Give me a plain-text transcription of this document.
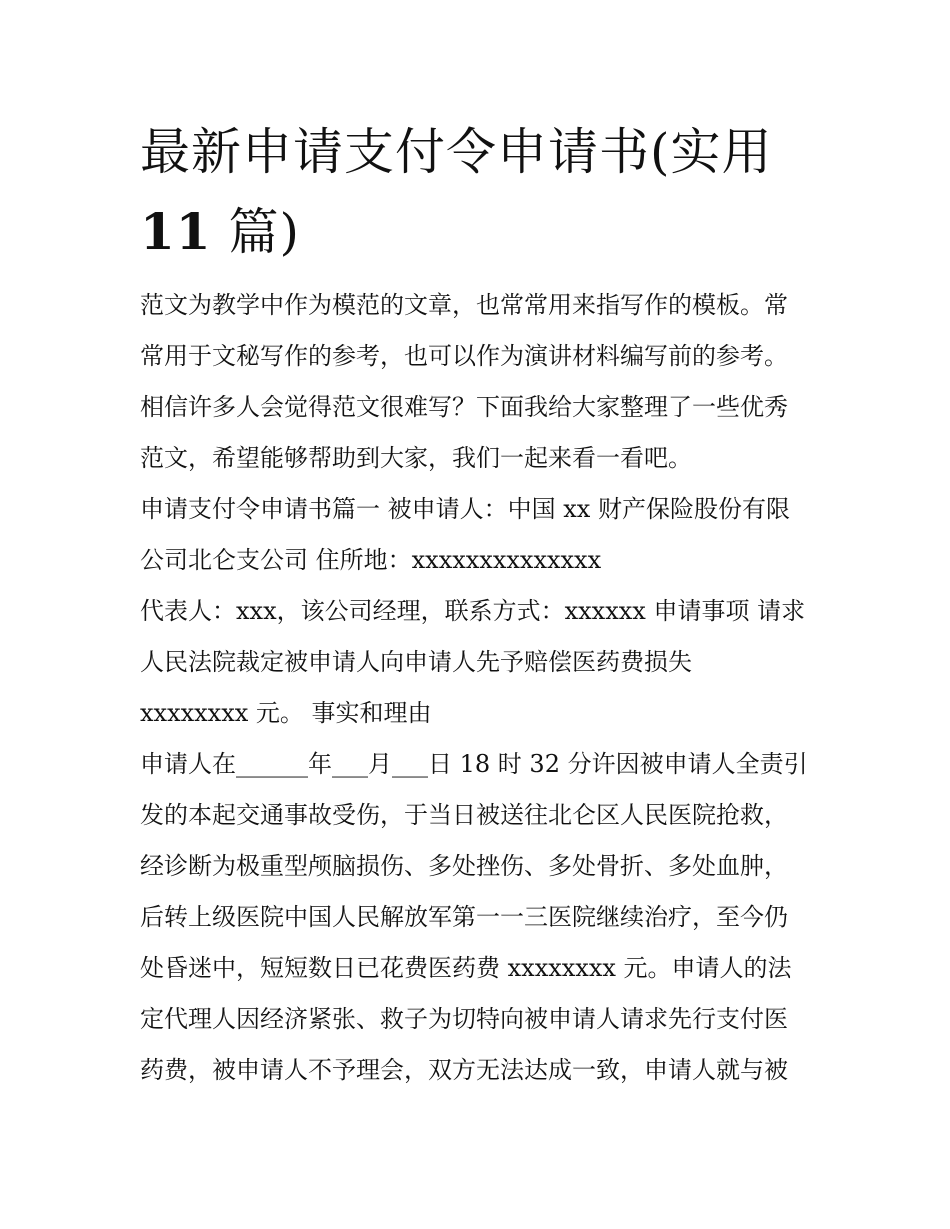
最新申请支付令申请书(实用
11 篇)
范文为教学中作为模范的文章，也常常用来指写作的模板。常
常用于文秘写作的参考，也可以作为演讲材料编写前的参考。
相信许多人会觉得范文很难写？下面我给大家整理了一些优秀
范文，希望能够帮助到大家，我们一起来看一看吧。
申请支付令申请书篇一 被申请人：中国 xx 财产保险股份有限
公司北仑支公司 住所地：xxxxxxxxxxxxxx
代表人：xxx，该公司经理，联系方式：xxxxxx 申请事项 请求
人民法院裁定被申请人向申请人先予赔偿医药费损失
xxxxxxxx 元。 事实和理由
申请人在______年___月___日 18 时 32 分许因被申请人全责引
发的本起交通事故受伤，于当日被送往北仑区人民医院抢救，
经诊断为极重型颅脑损伤、多处挫伤、多处骨折、多处血肿，
后转上级医院中国人民解放军第一一三医院继续治疗，至今仍
处昏迷中，短短数日已花费医药费 xxxxxxxx 元。申请人的法
定代理人因经济紧张、救子为切特向被申请人请求先行支付医
药费，被申请人不予理会，双方无法达成一致，申请人就与被
